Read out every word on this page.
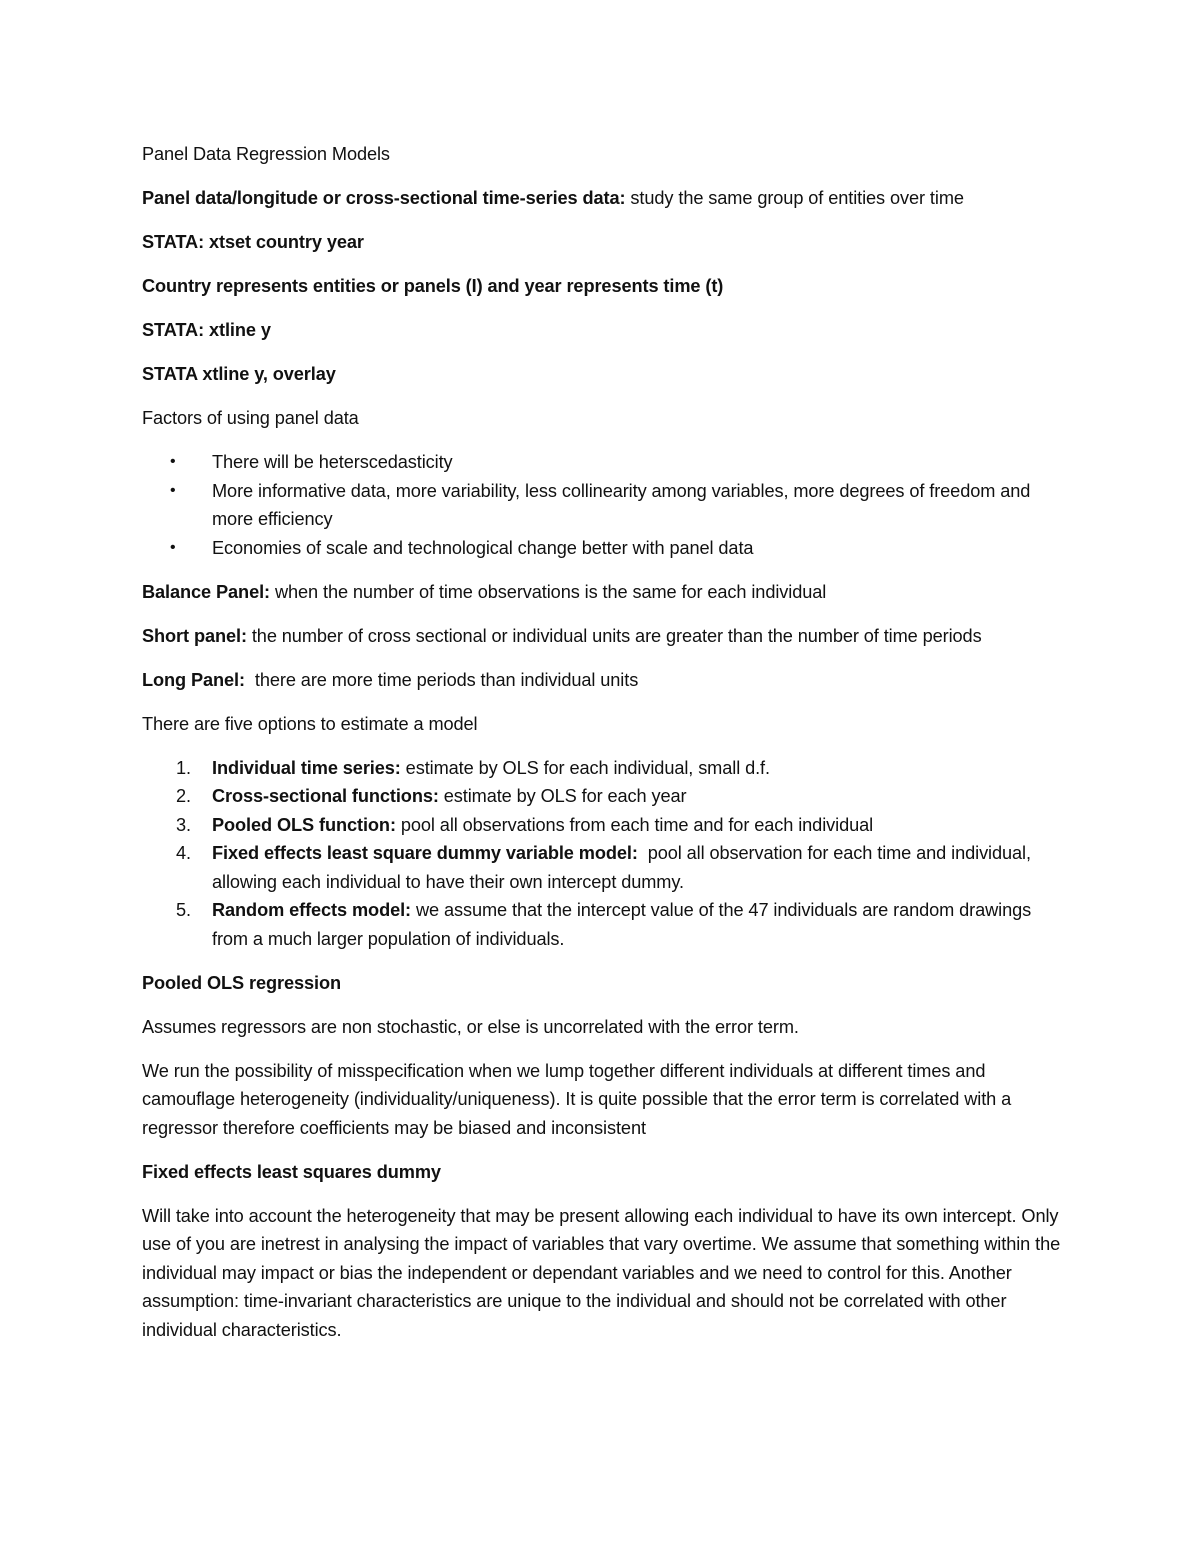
Panel Data Regression Models

Panel data/longitude or cross-sectional time-series data: study the same group of entities over time

STATA: xtset country year

Country represents entities or panels (I) and year represents time (t)

STATA: xtline y

STATA xtline y, overlay

Factors of using panel data

• There will be heterscedasticity
• More informative data, more variability, less collinearity among variables, more degrees of freedom and more efficiency
• Economies of scale and technological change better with panel data

Balance Panel: when the number of time observations is the same for each individual

Short panel: the number of cross sectional or individual units are greater than the number of time periods

Long Panel:  there are more time periods than individual units

There are five options to estimate a model

1. Individual time series: estimate by OLS for each individual, small d.f.
2. Cross-sectional functions: estimate by OLS for each year
3. Pooled OLS function: pool all observations from each time and for each individual
4. Fixed effects least square dummy variable model:  pool all observation for each time and individual, allowing each individual to have their own intercept dummy.
5. Random effects model: we assume that the intercept value of the 47 individuals are random drawings from a much larger population of individuals.

Pooled OLS regression

Assumes regressors are non stochastic, or else is uncorrelated with the error term.

We run the possibility of misspecification when we lump together different individuals at different times and camouflage heterogeneity (individuality/uniqueness). It is quite possible that the error term is correlated with a regressor therefore coefficients may be biased and inconsistent

Fixed effects least squares dummy

Will take into account the heterogeneity that may be present allowing each individual to have its own intercept. Only use of you are inetrest in analysing the impact of variables that vary overtime. We assume that something within the individual may impact or bias the independent or dependant variables and we need to control for this. Another assumption: time-invariant characteristics are unique to the individual and should not be correlated with other individual characteristics.
